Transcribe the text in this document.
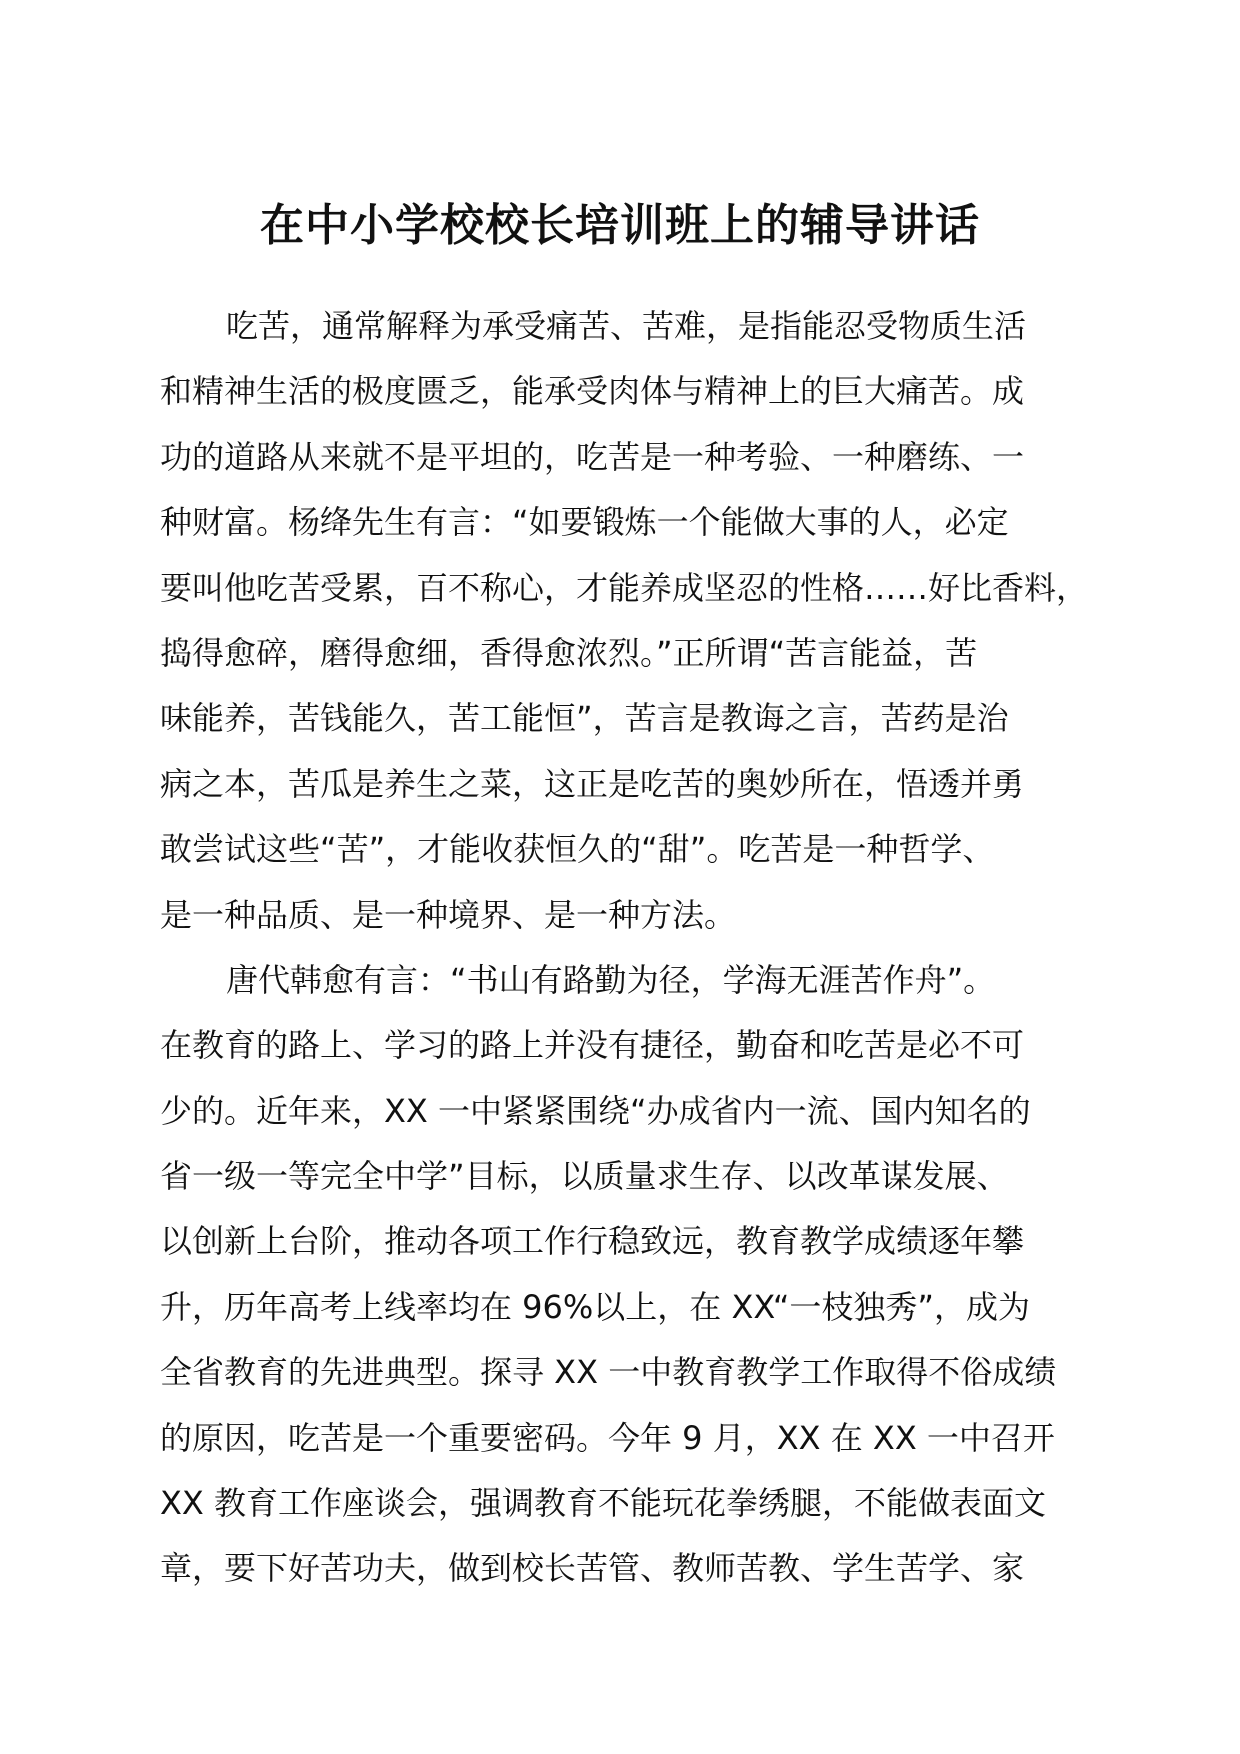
在中小学校校长培训班上的辅导讲话
吃苦，通常解释为承受痛苦、苦难，是指能忍受物质生活
和精神生活的极度匮乏，能承受肉体与精神上的巨大痛苦。成
功的道路从来就不是平坦的，吃苦是一种考验、一种磨练、一
种财富。杨绛先生有言：“如要锻炼一个能做大事的人，必定
要叫他吃苦受累，百不称心，才能养成坚忍的性格……好比香料，
捣得愈碎，磨得愈细，香得愈浓烈。”正所谓“苦言能益，苦
味能养，苦钱能久，苦工能恒”，苦言是教诲之言，苦药是治
病之本，苦瓜是养生之菜，这正是吃苦的奥妙所在，悟透并勇
敢尝试这些“苦”，才能收获恒久的“甜”。吃苦是一种哲学、
是一种品质、是一种境界、是一种方法。
唐代韩愈有言：“书山有路勤为径，学海无涯苦作舟”。
在教育的路上、学习的路上并没有捷径，勤奋和吃苦是必不可
少的。近年来，XX 一中紧紧围绕“办成省内一流、国内知名的
省一级一等完全中学”目标，以质量求生存、以改革谋发展、
以创新上台阶，推动各项工作行稳致远，教育教学成绩逐年攀
升，历年高考上线率均在 96%以上，在 XX“一枝独秀”，成为
全省教育的先进典型。探寻 XX 一中教育教学工作取得不俗成绩
的原因，吃苦是一个重要密码。今年 9 月，XX 在 XX 一中召开
XX 教育工作座谈会，强调教育不能玩花拳绣腿，不能做表面文
章，要下好苦功夫，做到校长苦管、教师苦教、学生苦学、家
